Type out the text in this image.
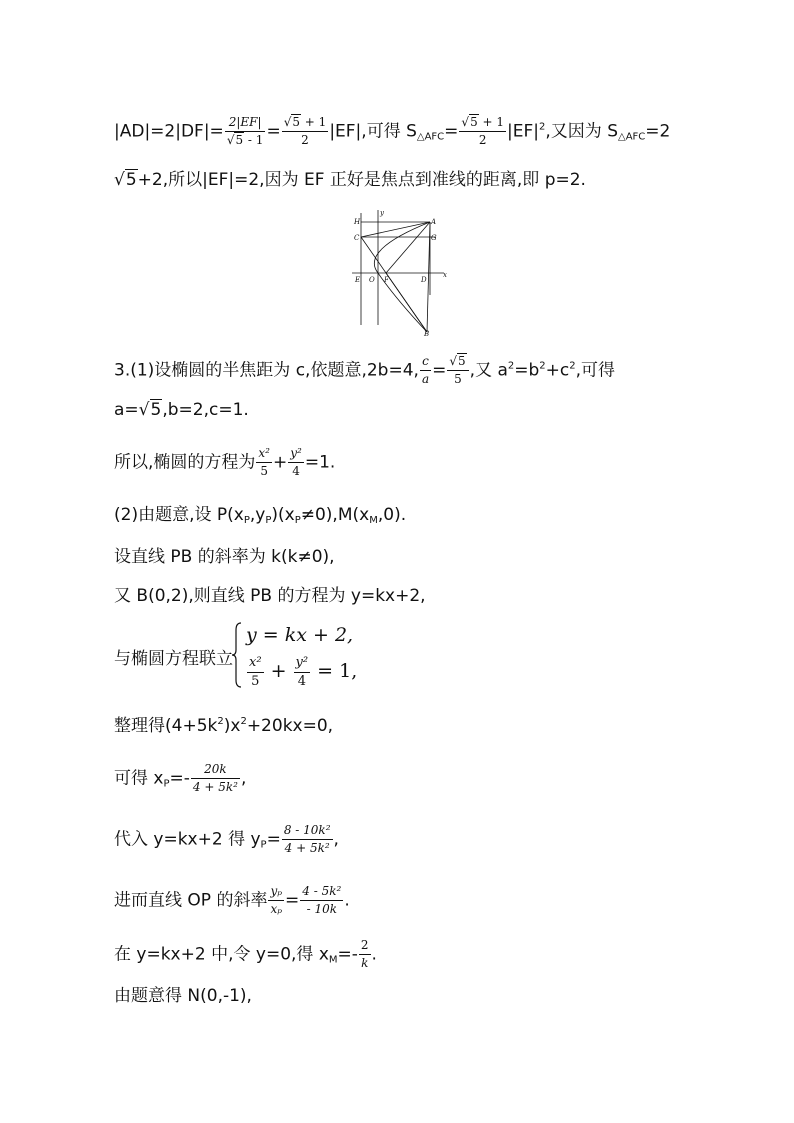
$|AD|=2|DF|= \frac{2|EF|}{√5 - 1} = \frac{√5 + 1}{2} |EF|$,可得 $S_{\triangle AFC}= \frac{√5 + 1}{2} |EF|^2$,又因为 $S_{\triangle AFC}=2$
√5+2,所以|EF|=2,因为 EF 正好是焦点到准线的距离,即 p=2.
y
H	A
C	G
E O F	D
x
B
3.(1)设椭圆的半焦距为 c,依题意,2b=4, $\frac{c}{a} = \frac{√5}{5}$ ,又 $a^2=b^2+c^2$,可得
a=√5,b=2,c=1.
所以,椭圆的方程为 $\frac{\text{x²}}{5} + \frac{\text{y²}}{4} =1$.
(2)由题意,设 $P(x_P,y_P)(x_P\ne 0),M(x_M,0)$.
设直线 PB 的斜率为 k(k≠0),
又 B(0,2),则直线 PB 的方程为 y=kx+2,
与椭圆方程联立
y = kx + 2,
$\frac{\text{x²}}{5} + \frac{\text{y²}}{4} = 1$,
整理得$(4+5k^2)x^2+20kx=0$,
可得 $x_P=- \frac{20k}{\text{4 + 5k²}}$ ,
代入 y=kx+2 得 $y_P= \frac{\text{8 - 10k²}}{\text{4 + 5k²}}$ ,
进而直线 OP 的斜率 $\frac{\text{yₚ}}{\text{xₚ}} = \frac{\text{4 - 5k²}}{- 10k}$ .
在 y=kx+2 中,令 y=0,得 $x_M=- \frac{2}{k}$ .
由题意得 N(0,-1),
